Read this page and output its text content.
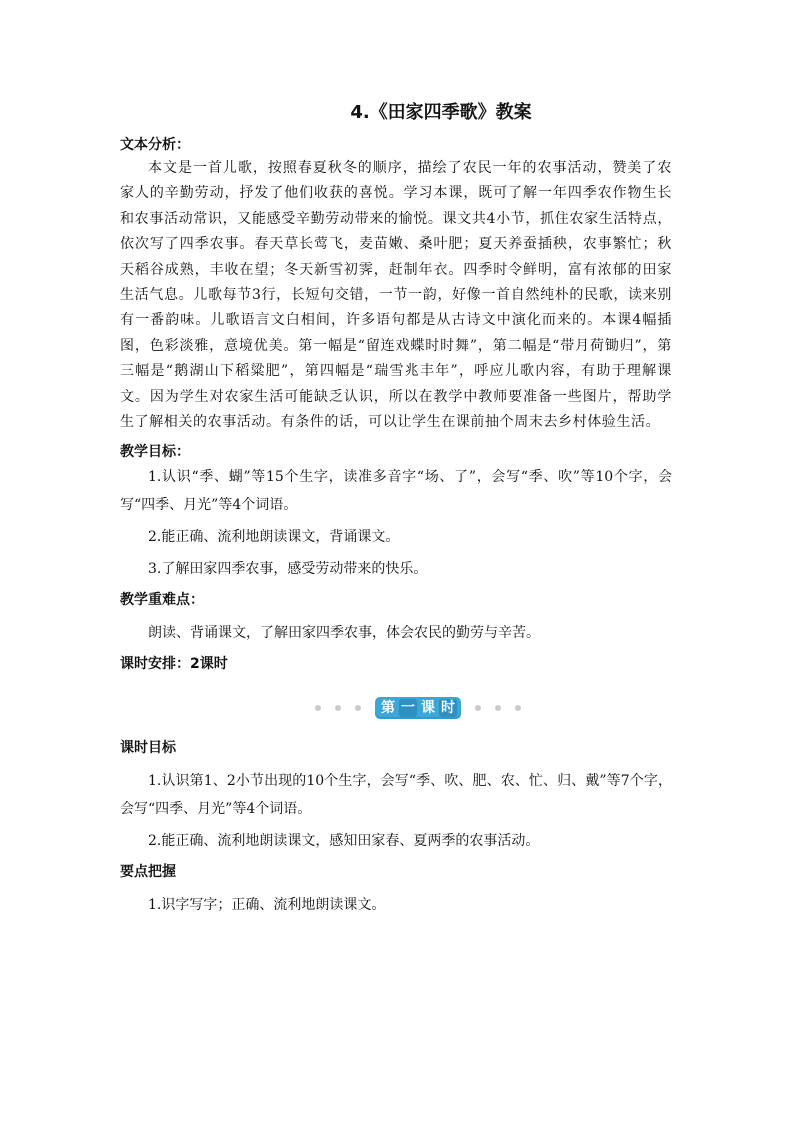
4.《田家四季歌》教案

文本分析：

本文是一首儿歌，按照春夏秋冬的顺序，描绘了农民一年的农事活动，赞美了农家人的辛勤劳动，抒发了他们收获的喜悦。学习本课，既可了解一年四季农作物生长和农事活动常识，又能感受辛勤劳动带来的愉悦。课文共4小节，抓住农家生活特点，依次写了四季农事。春天草长莺飞，麦苗嫩、桑叶肥；夏天养蚕插秧，农事繁忙；秋天稻谷成熟，丰收在望；冬天新雪初霁，赶制年衣。四季时令鲜明，富有浓郁的田家生活气息。儿歌每节3行，长短句交错，一节一韵，好像一首自然纯朴的民歌，读来别有一番韵味。儿歌语言文白相间，许多语句都是从古诗文中演化而来的。本课4幅插图，色彩淡雅，意境优美。第一幅是“留连戏蝶时时舞”，第二幅是“带月荷锄归”，第三幅是“鹅湖山下稻粱肥”，第四幅是“瑞雪兆丰年”，呼应儿歌内容，有助于理解课文。因为学生对农家生活可能缺乏认识，所以在教学中教师要准备一些图片，帮助学生了解相关的农事活动。有条件的话，可以让学生在课前抽个周末去乡村体验生活。

教学目标：

1.认识“季、蝴”等15个生字，读准多音字“场、了”，会写“季、吹”等10个字，会写“四季、月光”等4个词语。

2.能正确、流利地朗读课文，背诵课文。

3.了解田家四季农事，感受劳动带来的快乐。

教学重难点：

朗读、背诵课文，了解田家四季农事，体会农民的勤劳与辛苦。

课时安排：2课时

第 一 课 时

课时目标

1.认识第1、2小节出现的10个生字，会写“季、吹、肥、农、忙、归、戴”等7个字，会写“四季、月光”等4个词语。

2.能正确、流利地朗读课文，感知田家春、夏两季的农事活动。

要点把握

1.识字写字；正确、流利地朗读课文。
